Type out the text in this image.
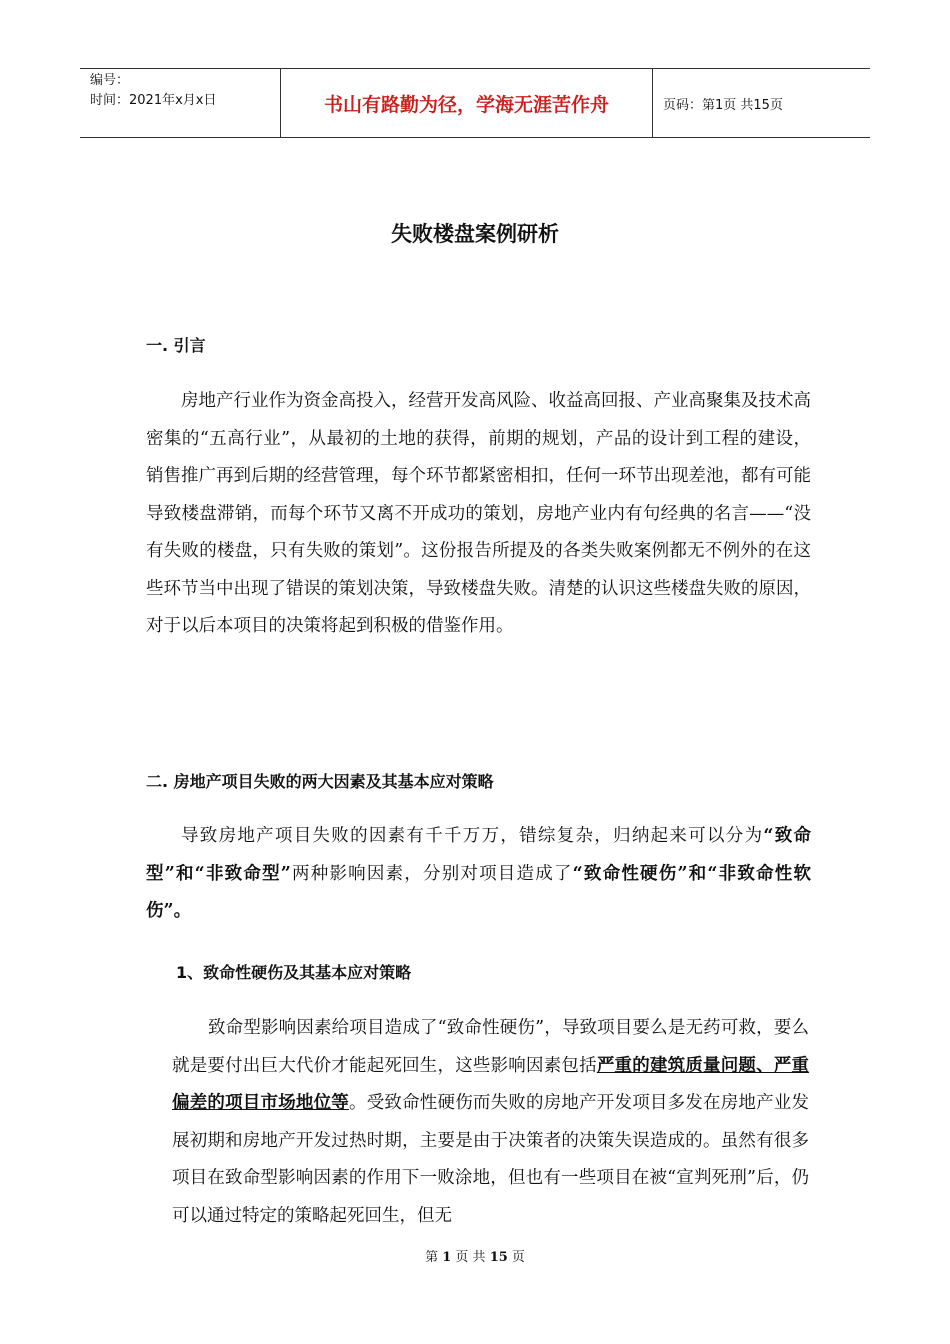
编号：
时间：2021年x月x日	书山有路勤为径，学海无涯苦作舟	页码：第1页 共15页
失败楼盘案例研析
一. 引言

房地产行业作为资金高投入，经营开发高风险、收益高回报、产业高聚集及技术高密集的“五高行业”，从最初的土地的获得，前期的规划，产品的设计到工程的建设，销售推广再到后期的经营管理，每个环节都紧密相扣，任何一环节出现差池，都有可能导致楼盘滞销，而每个环节又离不开成功的策划，房地产业内有句经典的名言——“没有失败的楼盘，只有失败的策划”。这份报告所提及的各类失败案例都无不例外的在这些环节当中出现了错误的策划决策，导致楼盘失败。清楚的认识这些楼盘失败的原因，对于以后本项目的决策将起到积极的借鉴作用。

二. 房地产项目失败的两大因素及其基本应对策略

导致房地产项目失败的因素有千千万万，错综复杂，归纳起来可以分为“致命型”和“非致命型”两种影响因素，分别对项目造成了“致命性硬伤”和“非致命性软伤”。

1、致命性硬伤及其基本应对策略

致命型影响因素给项目造成了“致命性硬伤”，导致项目要么是无药可救，要么就是要付出巨大代价才能起死回生，这些影响因素包括严重的建筑质量问题、严重偏差的项目市场地位等。受致命性硬伤而失败的房地产开发项目多发在房地产业发展初期和房地产开发过热时期，主要是由于决策者的决策失误造成的。虽然有很多项目在致命型影响因素的作用下一败涂地，但也有一些项目在被“宣判死刑”后，仍可以通过特定的策略起死回生，但无

第 1 页 共 15 页
